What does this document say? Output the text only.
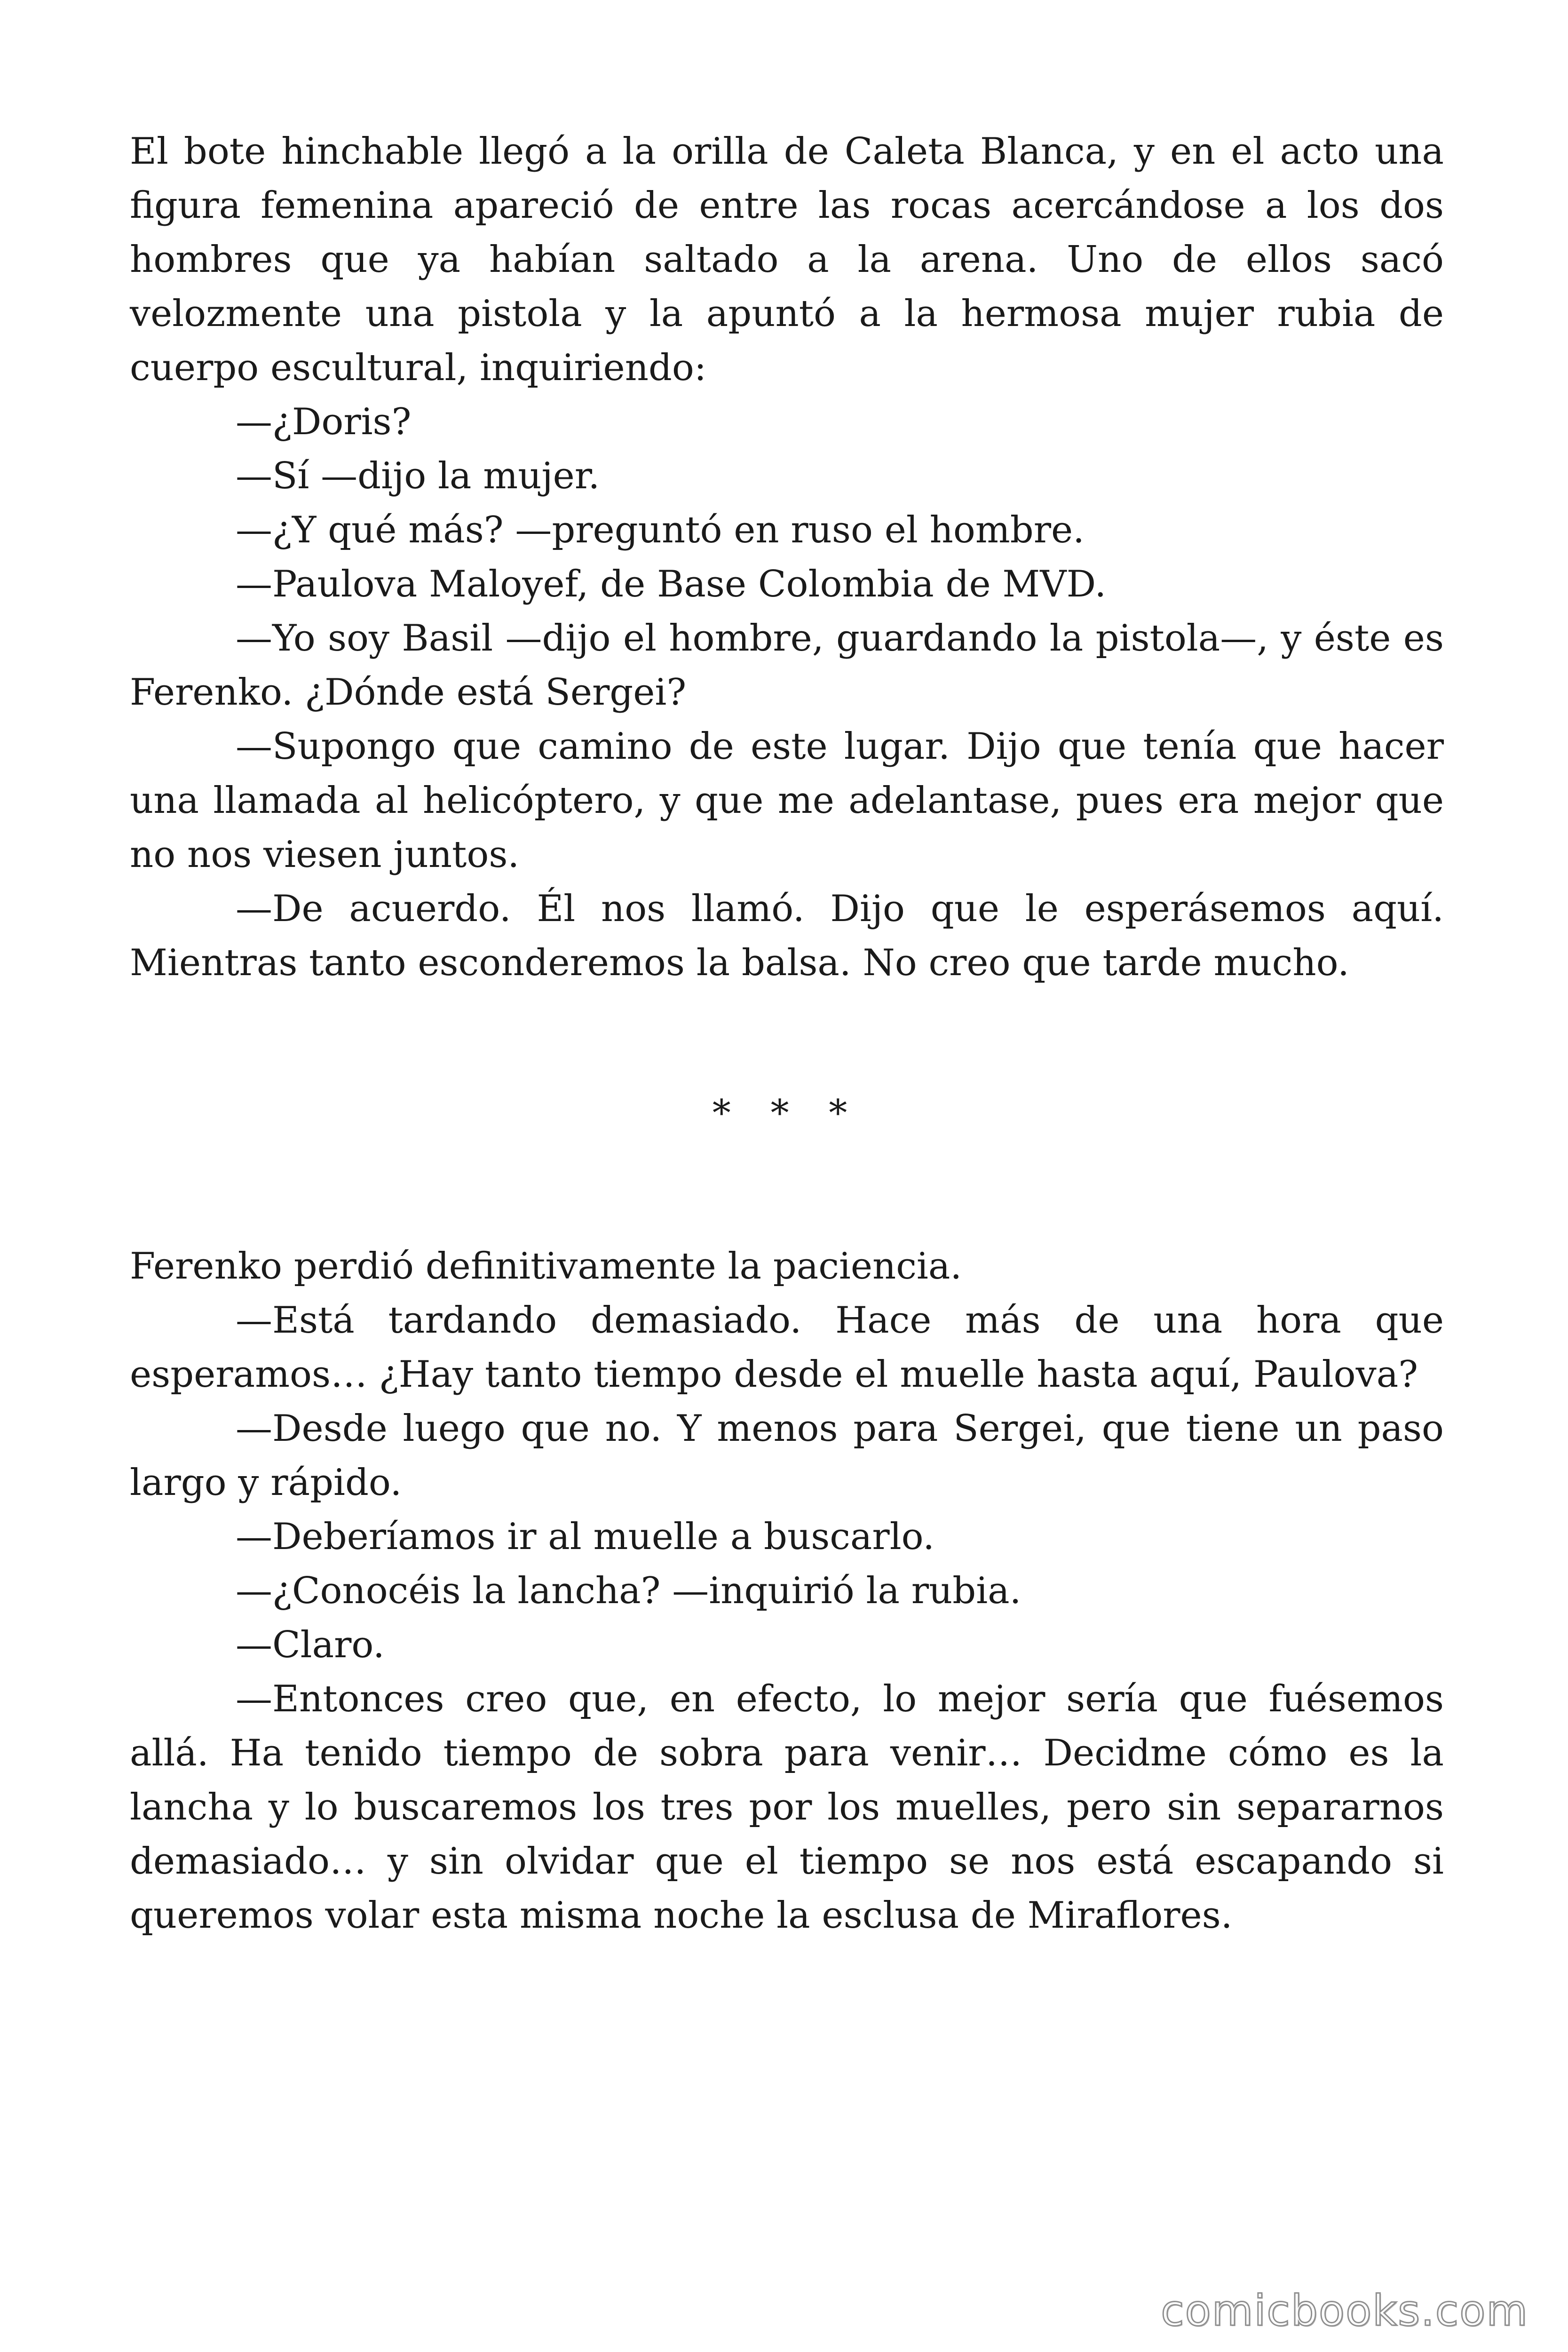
El bote hinchable llegó a la orilla de Caleta Blanca, y en el acto una figura femenina apareció de entre las rocas acercándose a los dos hombres que ya habían saltado a la arena. Uno de ellos sacó velozmente una pistola y la apuntó a la hermosa mujer rubia de cuerpo escultural, inquiriendo:

—¿Doris?

—Sí —dijo la mujer.

—¿Y qué más? —preguntó en ruso el hombre.

—Paulova Maloyef, de Base Colombia de MVD.

—Yo soy Basil —dijo el hombre, guardando la pistola—, y éste es Ferenko. ¿Dónde está Sergei?

—Supongo que camino de este lugar. Dijo que tenía que hacer una llamada al helicóptero, y que me adelantase, pues era mejor que no nos viesen juntos.

—De acuerdo. Él nos llamó. Dijo que le esperásemos aquí. Mientras tanto esconderemos la balsa. No creo que tarde mucho.

* * *

Ferenko perdió definitivamente la paciencia.

—Está tardando demasiado. Hace más de una hora que esperamos… ¿Hay tanto tiempo desde el muelle hasta aquí, Paulova?

—Desde luego que no. Y menos para Sergei, que tiene un paso largo y rápido.

—Deberíamos ir al muelle a buscarlo.

—¿Conocéis la lancha? —inquirió la rubia.

—Claro.

—Entonces creo que, en efecto, lo mejor sería que fuésemos allá. Ha tenido tiempo de sobra para venir… Decidme cómo es la lancha y lo buscaremos los tres por los muelles, pero sin separarnos demasiado… y sin olvidar que el tiempo se nos está escapando si queremos volar esta misma noche la esclusa de Miraflores.

comicbooks.com
